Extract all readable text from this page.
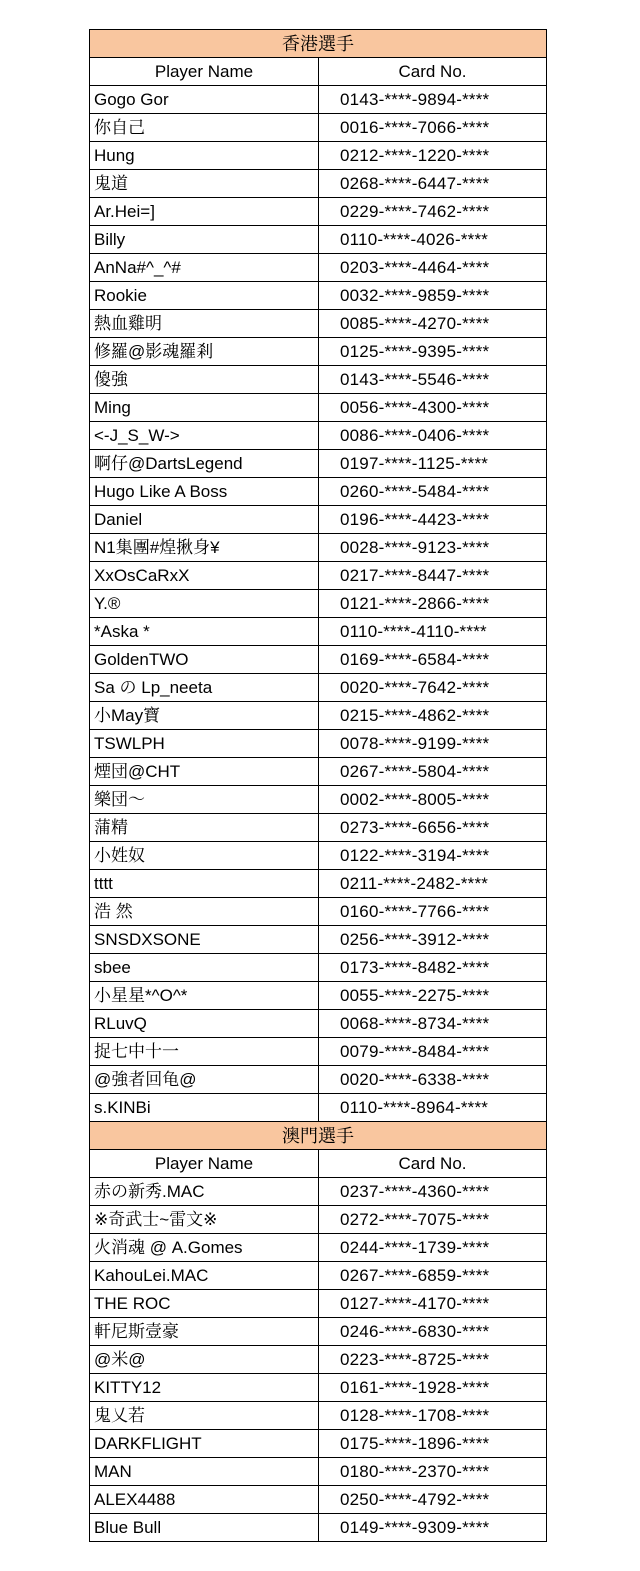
香港選手	
Player Name	Card No.
Gogo Gor	0143-****-9894-****
你自己	0016-****-7066-****
Hung	0212-****-1220-****
鬼道	0268-****-6447-****
Ar.Hei=]	0229-****-7462-****
Billy	0110-****-4026-****
AnNa#^_^#	0203-****-4464-****
Rookie	0032-****-9859-****
熱血雞明	0085-****-4270-****
修羅@影魂羅剎	0125-****-9395-****
傻強	0143-****-5546-****
Ming	0056-****-4300-****
<-J_S_W->	0086-****-0406-****
啊仔@DartsLegend	0197-****-1125-****
Hugo Like A Boss	0260-****-5484-****
Daniel	0196-****-4423-****
N1集團#煌揪身¥	0028-****-9123-****
XxOsCaRxX	0217-****-8447-****
Y.®	0121-****-2866-****
*Aska *	0110-****-4110-****
GoldenTWO	0169-****-6584-****
Sa の Lp_neeta	0020-****-7642-****
小May寶	0215-****-4862-****
TSWLPH	0078-****-9199-****
煙団@CHT	0267-****-5804-****
樂団〜	0002-****-8005-****
蒲精	0273-****-6656-****
小姓奴	0122-****-3194-****
tttt	0211-****-2482-****
浩 然	0160-****-7766-****
SNSDXSONE	0256-****-3912-****
sbee	0173-****-8482-****
小星星*^O^*	0055-****-2275-****
RLuvQ	0068-****-8734-****
捉七中十一	0079-****-8484-****
@強者回龟@	0020-****-6338-****
s.KINBi	0110-****-8964-****
澳門選手	
Player Name	Card No.
赤の新秀.MAC	0237-****-4360-****
※奇武士~雷文※	0272-****-7075-****
火消魂 @ A.Gomes	0244-****-1739-****
KahouLei.MAC	0267-****-6859-****
THE ROC	0127-****-4170-****
軒尼斯壹豪	0246-****-6830-****
@米@	0223-****-8725-****
KITTY12	0161-****-1928-****
鬼乂若	0128-****-1708-****
DARKFLIGHT	0175-****-1896-****
MAN	0180-****-2370-****
ALEX4488	0250-****-4792-****
Blue Bull	0149-****-9309-****
